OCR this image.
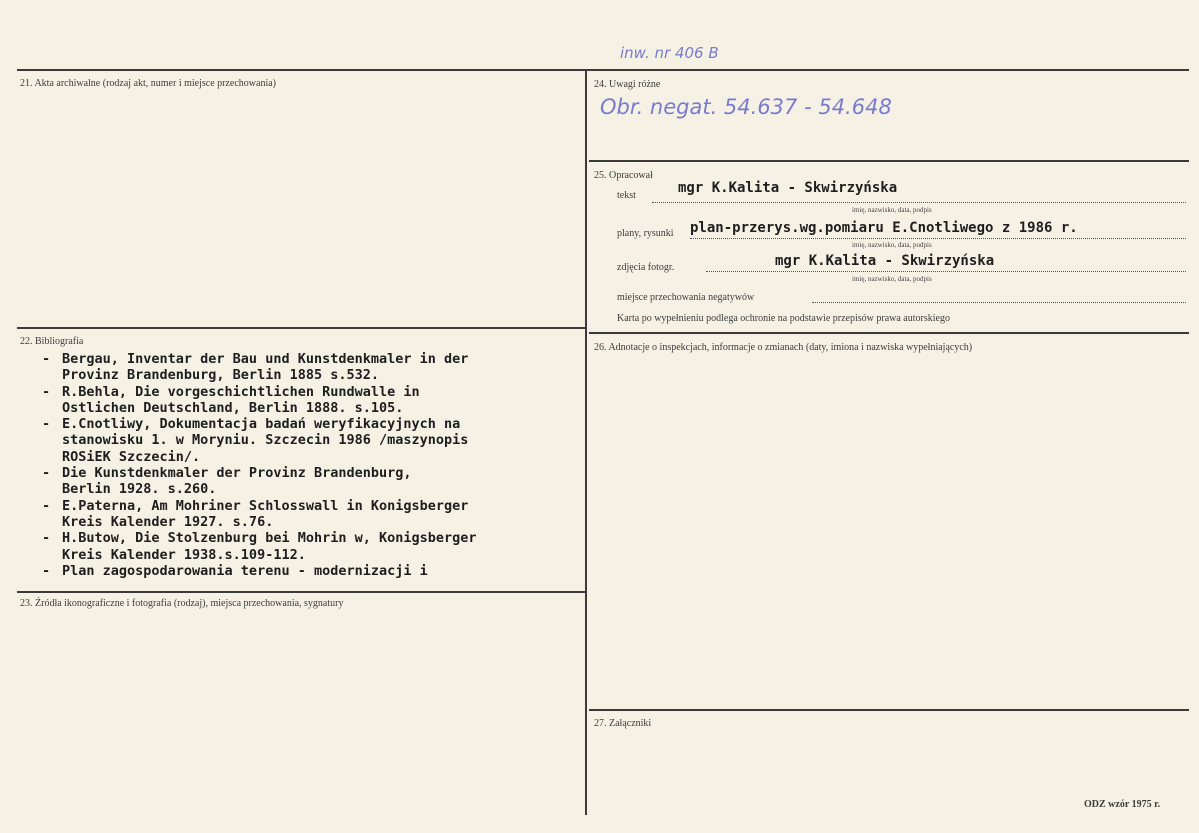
inw. nr 406 B
21. Akta archiwalne (rodzaj akt, numer i miejsce przechowania)
22. Bibliografia
- Bergau, Inventar der Bau und Kunstdenkmaler in der
Provinz Brandenburg, Berlin 1885 s.532.
- R.Behla, Die vorgeschichtlichen Rundwalle in
Ostlichen Deutschland, Berlin 1888. s.105.
- E.Cnotliwy, Dokumentacja badań weryfikacyjnych na
stanowisku 1. w Moryniu. Szczecin 1986 /maszynopis
ROSiEK Szczecin/.
- Die Kunstdenkmaler der Provinz Brandenburg,
Berlin 1928. s.260.
- E.Paterna, Am Mohriner Schlosswall in Konigsberger
Kreis Kalender 1927. s.76.
- H.Butow, Die Stolzenburg bei Mohrin w, Konigsberger
Kreis Kalender 1938.s.109-112.
- Plan zagospodarowania terenu - modernizacji i
23. Źródła ikonograficzne i fotografia (rodzaj), miejsca przechowania, sygnatury
24. Uwagi różne
Obr. negat. 54.637 - 54.648
25. Opracował
tekst	mgr K.Kalita - Skwirzyńska
imię, nazwisko, data, podpis
plany, rysunki plan-przerys.wg.pomiaru E.Cnotliwego z 1986 r.
imię, nazwisko, data, podpis
zdjęcia fotogr.	mgr K.Kalita - Skwirzyńska
imię, nazwisko, data, podpis
miejsce przechowania negatywów
Karta po wypełnieniu podlega ochronie na podstawie przepisów prawa autorskiego
26. Adnotacje o inspekcjach, informacje o zmianach (daty, imiona i nazwiska wypełniających)
27. Załączniki
ODZ wzór 1975 r.
